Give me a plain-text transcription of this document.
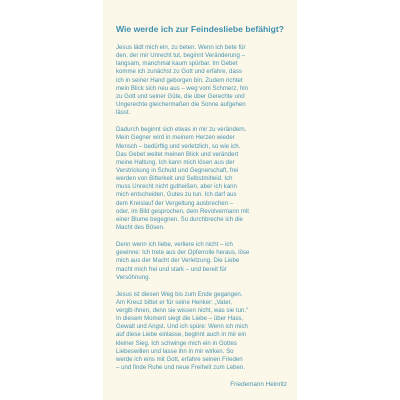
Wie werde ich zur Feindesliebe befähigt?

Jesus lädt mich ein, zu beten. Wenn ich bete für
den, der mir Unrecht tut, beginnt Veränderung –
langsam, manchmal kaum spürbar. Im Gebet
komme ich zunächst zu Gott und erfahre, dass
ich in seiner Hand geborgen bin. Zudem richtet
mein Blick sich neu aus – weg vom Schmerz, hin
zu Gott und seiner Güte, die über Gerechte und
Ungerechte gleichermaßen die Sonne aufgehen
lässt.

Dadurch beginnt sich etwas in mir zu verändern.
Mein Gegner wird in meinem Herzen wieder
Mensch – bedürftig und verletzlich, so wie ich.
Das Gebet weitet meinen Blick und verändert
meine Haltung. Ich kann mich lösen aus der
Verstrickung in Schuld und Gegnerschaft, frei
werden von Bitterkeit und Selbstmitleid. Ich
muss Unrecht nicht gutheißen, aber ich kann
mich entscheiden, Gutes zu tun. Ich darf aus
dem Kreislauf der Vergeltung ausbrechen –
oder, im Bild gesprochen, dem Revolvermann mit
einer Blume begegnen. So durchbreche ich die
Macht des Bösen.

Denn wenn ich liebe, verliere ich nicht – ich
gewinne: Ich trete aus der Opferrolle heraus, löse
mich aus der Macht der Verletzung. Die Liebe
macht mich frei und stark – und bereit für
Versöhnung.

Jesus ist diesen Weg bis zum Ende gegangen.
Am Kreuz bittet er für seine Henker: „Vater,
vergib ihnen, denn sie wissen nicht, was sie tun.“
In diesem Moment siegt die Liebe – über Hass,
Gewalt und Angst. Und ich spüre: Wenn ich mich
auf diese Liebe einlasse, beginnt auch in mir ein
kleiner Sieg. Ich schwinge mich ein in Gottes
Liebeswillen und lasse ihn in mir wirken. So
werde ich eins mit Gott, erfahre seinen Frieden
– und finde Ruhe und neue Freiheit zum Leben.

Friedemann Heinritz
